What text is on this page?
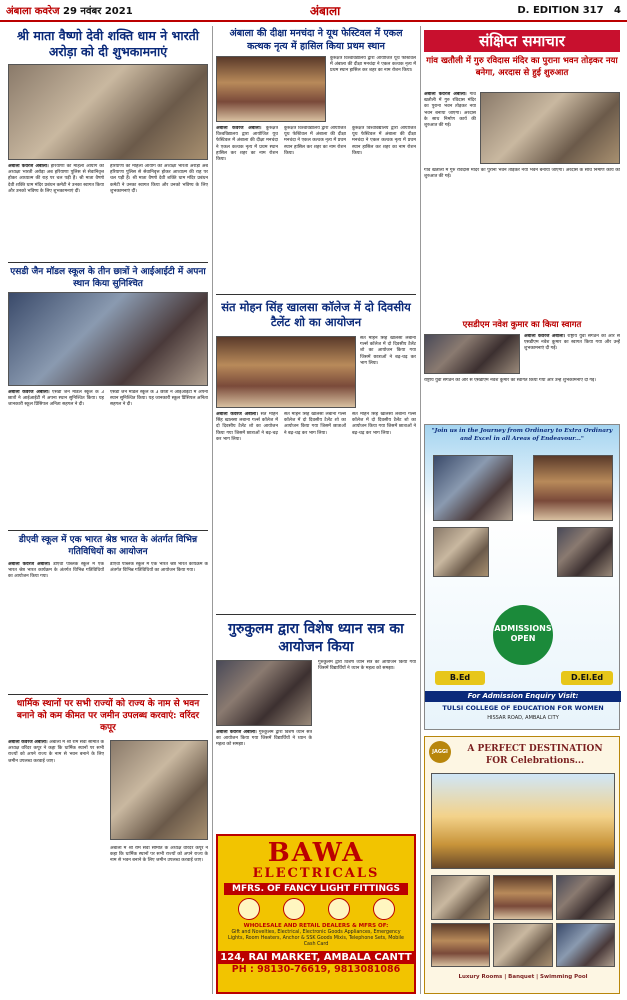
अंबाला कवरेज 29 नवंबर 2021	अंबाला	D. EDITION 317 4
श्री माता वैष्णो देवी शक्ति धाम ने भारती अरोड़ा को दी शुभकामनाएं
अंबाला कवरेज अंबाला। हरियाणा की महिला आयोग की अध्यक्षा भारती अरोड़ा अब हरियाणा पुलिस से सेवानिवृत्त होकर आध्यात्म की राह पर चल पड़ी हैं। श्री माता वैष्णो देवी शक्ति धाम मंदिर प्रबंधन कमेटी ने उनका स्वागत किया और उनको भविष्य के लिए शुभकामनाएं दीं।
हरियाणा की महिला आयोग की अध्यक्षा भारती अरोड़ा अब हरियाणा पुलिस से सेवानिवृत्त होकर आध्यात्म की राह पर चल पड़ी हैं। श्री माता वैष्णो देवी शक्ति धाम मंदिर प्रबंधन कमेटी ने उनका स्वागत किया और उनको भविष्य के लिए शुभकामनाएं दीं।
एसडी जैन मॉडल स्कूल के तीन छात्रों ने आईआईटी में अपना स्थान किया सुनिश्चित
अंबाला कवरेज अंबाला। एसडी जैन मॉडल स्कूल के 3 छात्रों ने आईआईटी में अपना स्थान सुनिश्चित किया। यह जानकारी स्कूल प्रिंसिपल अनिता सहगल ने दी।
एसडी जैन मॉडल स्कूल के 3 छात्रों ने आईआईटी में अपना स्थान सुनिश्चित किया। यह जानकारी स्कूल प्रिंसिपल अनिता सहगल ने दी।
डीएवी स्कूल में एक भारत श्रेष्ठ भारत के अंतर्गत विभिन्न गतिविधियों का आयोजन
अंबाला कवरेज अंबाला। डीएवी पब्लिक स्कूल में एक भारत श्रेष्ठ भारत कार्यक्रम के अंतर्गत विभिन्न गतिविधियों का आयोजन किया गया।
डीएवी पब्लिक स्कूल में एक भारत श्रेष्ठ भारत कार्यक्रम के अंतर्गत विभिन्न गतिविधियों का आयोजन किया गया।
धार्मिक स्थानों पर सभी राज्यों को राज्य के नाम से भवन बनाने को कम कीमत पर जमीन उपलब्ध करवाएं: वरिंदर कपूर
अंबाला कवरेज अंबाला। अंबाला में श्री राम सेवा समिति के अध्यक्ष वरिंदर कपूर ने कहा कि धार्मिक स्थानों पर सभी राज्यों को अपने राज्य के नाम से भवन बनाने के लिए जमीन उपलब्ध करवाई जाए।
अंबाला में श्री राम सेवा समिति के अध्यक्ष वरिंदर कपूर ने कहा कि धार्मिक स्थानों पर सभी राज्यों को अपने राज्य के नाम से भवन बनाने के लिए जमीन उपलब्ध करवाई जाए।
अंबाला की दीक्षा मनचंदा ने यूथ फेस्टिवल में एकल कत्थक नृत्य में हासिल किया प्रथम स्थान
कुरुक्षेत्र विश्वविद्यालय द्वारा आयोजित यूथ फेस्टिवल में अंबाला की दीक्षा मनचंदा ने एकल कत्थक नृत्य में प्रथम स्थान हासिल कर शहर का नाम रोशन किया।
अंबाला कवरेज अंबाला। कुरुक्षेत्र विश्वविद्यालय द्वारा आयोजित यूथ फेस्टिवल में अंबाला की दीक्षा मनचंदा ने एकल कत्थक नृत्य में प्रथम स्थान हासिल कर शहर का नाम रोशन किया।
कुरुक्षेत्र विश्वविद्यालय द्वारा आयोजित यूथ फेस्टिवल में अंबाला की दीक्षा मनचंदा ने एकल कत्थक नृत्य में प्रथम स्थान हासिल कर शहर का नाम रोशन किया।
कुरुक्षेत्र विश्वविद्यालय द्वारा आयोजित यूथ फेस्टिवल में अंबाला की दीक्षा मनचंदा ने एकल कत्थक नृत्य में प्रथम स्थान हासिल कर शहर का नाम रोशन किया।
संत मोहन सिंह खालसा कॉलेज में दो दिवसीय टैलेंट शो का आयोजन
संत मोहन सिंह खालसा लबाना गर्ल्स कॉलेज में दो दिवसीय टैलेंट शो का आयोजन किया गया जिसमें छात्राओं ने बढ़-चढ़ कर भाग लिया।
अंबाला कवरेज अंबाला। संत मोहन सिंह खालसा लबाना गर्ल्स कॉलेज में दो दिवसीय टैलेंट शो का आयोजन किया गया जिसमें छात्राओं ने बढ़-चढ़ कर भाग लिया।
संत मोहन सिंह खालसा लबाना गर्ल्स कॉलेज में दो दिवसीय टैलेंट शो का आयोजन किया गया जिसमें छात्राओं ने बढ़-चढ़ कर भाग लिया।
संत मोहन सिंह खालसा लबाना गर्ल्स कॉलेज में दो दिवसीय टैलेंट शो का आयोजन किया गया जिसमें छात्राओं ने बढ़-चढ़ कर भाग लिया।
गुरुकुलम द्वारा विशेष ध्यान सत्र का आयोजन किया
अंबाला कवरेज अंबाला। गुरुकुलम द्वारा विशेष ध्यान सत्र का आयोजन किया गया जिसमें विद्यार्थियों ने ध्यान के महत्व को समझा।
गुरुकुलम द्वारा विशेष ध्यान सत्र का आयोजन किया गया जिसमें विद्यार्थियों ने ध्यान के महत्व को समझा।
BAWA
ELECTRICALS
MFRS. OF FANCY LIGHT FITTINGS
WHOLESALE AND RETAIL DEALERS & MFRS OF:
Gift and Novelties, Electrical, Electronic Goods Appliances, Emergency Lights, Room Heaters, Anchor & SSK Goods Mixis, Telephone Sets, Mobile Cash Card
124, RAI MARKET, AMBALA CANTT
PH : 98130-76619, 9813081086
संक्षिप्त समाचार
गांव खतौली में गुरु रविदास मंदिर का पुराना भवन तोड़कर नया बनेगा, अरदास से हुई शुरुआत
अंबाला कवरेज अंबाला। गांव खतौली में गुरु रविदास मंदिर का पुराना भवन तोड़कर नया भवन बनाया जाएगा। अरदास के साथ निर्माण कार्य की शुरुआत की गई।
गांव खतौली में गुरु रविदास मंदिर का पुराना भवन तोड़कर नया भवन बनाया जाएगा। अरदास के साथ निर्माण कार्य की शुरुआत की गई।
एसडीएम नवेश कुमार का किया स्वागत
अंबाला कवरेज अंबाला। राष्ट्रीय युवा संगठन की ओर से एसडीएम नवेश कुमार का स्वागत किया गया और उन्हें शुभकामनाएं दी गईं।
राष्ट्रीय युवा संगठन की ओर से एसडीएम नवेश कुमार का स्वागत किया गया और उन्हें शुभकामनाएं दी गईं।
"Join us in the Journey from Ordinary to Extra Ordinary and Excel in all Areas of Endeavour..."
ADMISSIONS OPEN
B.Ed	D.El.Ed
For Admission Enquiry Visit:
TULSI COLLEGE OF EDUCATION FOR WOMEN
HISSAR ROAD, AMBALA CITY
JAGGI	A PERFECT DESTINATION FOR Celebrations...
Luxury Rooms | Banquet | Swimming Pool
